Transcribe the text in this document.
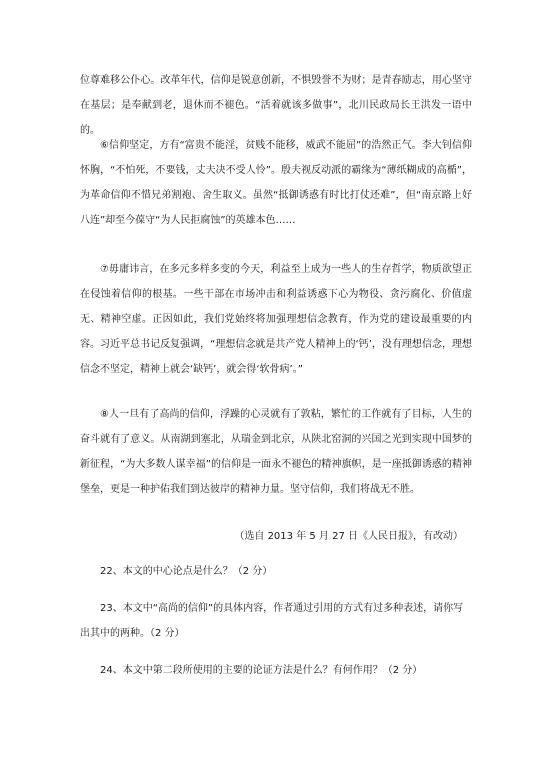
位尊难移公仆心。改革年代，信仰是锐意创新，不惧毁誉不为财；是青春励志，用心坚守在基层；是奉献到老，退休而不褪色。“活着就该多做事”，北川民政局长王洪发一语中的。

⑥信仰坚定，方有“富贵不能淫，贫贱不能移，威武不能屈”的浩然正气。李大钊信仰怀胸，“不怕死，不要钱，丈夫决不受人怜”。殷夫视反动派的霸缘为“薄纸糊成的高楯”，为革命信仰不惜兄弟割袍、舍生取义。虽然“抵御诱惑有时比打仗还难”，但“南京路上好八连”却至今葆守“为人民拒腐蚀”的英雄本色……

⑦毋庸讳言，在多元多样多变的今天，利益至上成为一些人的生存哲学，物质欲望正在侵蚀着信仰的根基。一些干部在市场冲击和利益诱惑下心为物役、贪污腐化、价值虚无、精神空虚。正因如此，我们党始终将加强理想信念教育，作为党的建设最重要的内容。习近平总书记反复强调，“理想信念就是共产党人精神上的‘钙’，没有理想信念，理想信念不坚定，精神上就会‘缺钙’，就会得‘软骨病’。”

⑧人一旦有了高尚的信仰，浮躁的心灵就有了敦粘，繁忙的工作就有了目标，人生的奋斗就有了意义。从南湖到塞北，从瑞金到北京，从陕北窑洞的兴国之光到实现中国梦的新征程，“为大多数人谋幸福”的信仰是一面永不褪色的精神旗帜，是一座抵御诱惑的精神堡垒，更是一种护佑我们到达彼岸的精神力量。坚守信仰，我们将战无不胜。

（选自 2013 年 5 月 27 日《人民日报》，有改动）

22、本文的中心论点是什么？（2 分）

23、本文中“高尚的信仰”的具体内容，作者通过引用的方式有过多种表述，请你写出其中的两种。（2 分）

24、本文中第二段所使用的主要的论证方法是什么？有何作用？（2 分）
